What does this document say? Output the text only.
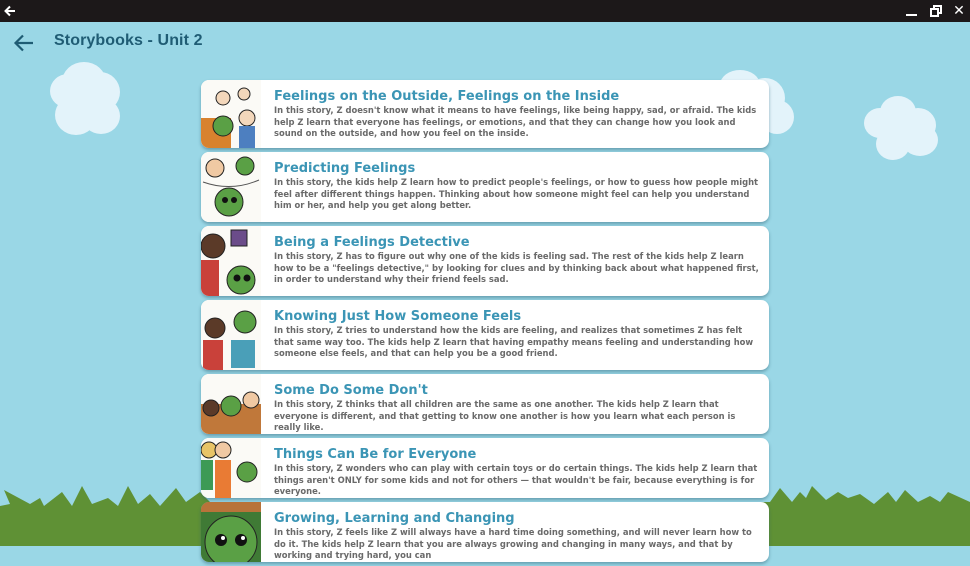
✕
Storybooks - Unit 2
Feelings on the Outside, Feelings on the Inside
In this story, Z doesn't know what it means to have feelings, like being happy, sad, or afraid. The kids help Z learn that everyone has feelings, or emotions, and that they can change how you look and sound on the outside, and how you feel on the inside.
Predicting Feelings
In this story, the kids help Z learn how to predict people's feelings, or how to guess how people might feel after different things happen. Thinking about how someone might feel can help you understand him or her, and help you get along better.
Being a Feelings Detective
In this story, Z has to figure out why one of the kids is feeling sad. The rest of the kids help Z learn how to be a "feelings detective," by looking for clues and by thinking back about what happened first, in order to understand why their friend feels sad.
Knowing Just How Someone Feels
In this story, Z tries to understand how the kids are feeling, and realizes that sometimes Z has felt that same way too. The kids help Z learn that having empathy means feeling and understanding how someone else feels, and that can help you be a good friend.
Some Do Some Don't
In this story, Z thinks that all children are the same as one another. The kids help Z learn that everyone is different, and that getting to know one another is how you learn what each person is really like.
Things Can Be for Everyone
In this story, Z wonders who can play with certain toys or do certain things. The kids help Z learn that things aren't ONLY for some kids and not for others — that wouldn't be fair, because everything is for everyone.
Growing, Learning and Changing
In this story, Z feels like Z will always have a hard time doing something, and will never learn how to do it. The kids help Z learn that you are always growing and changing in many ways, and that by working and trying hard, you can
